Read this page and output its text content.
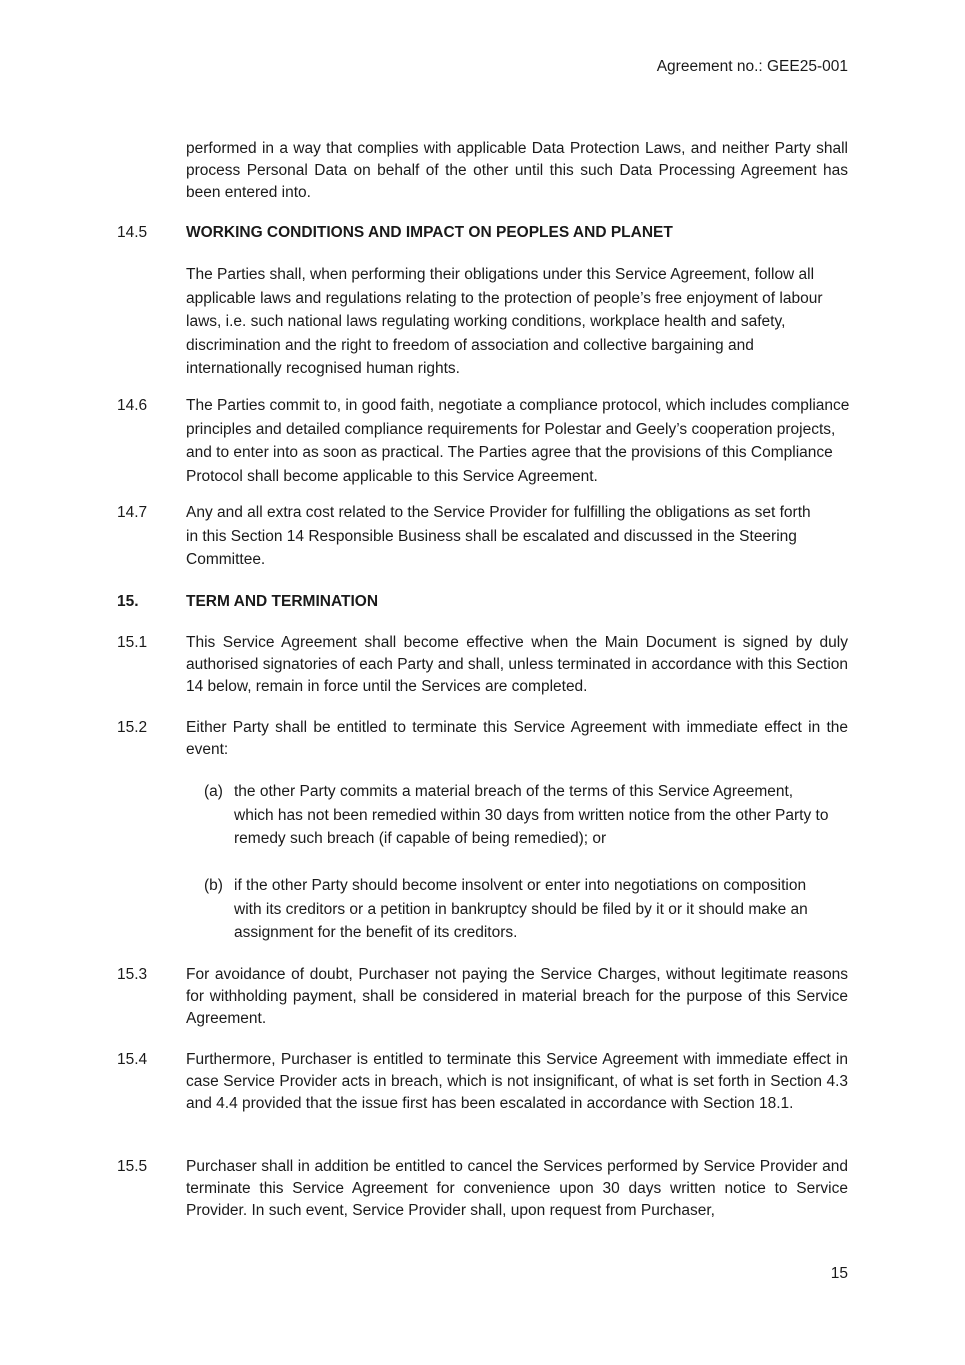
Agreement no.: GEE25-001

performed in a way that complies with applicable Data Protection Laws, and neither Party shall process Personal Data on behalf of the other until this such Data Processing Agreement has been entered into.

14.5	WORKING CONDITIONS AND IMPACT ON PEOPLES AND PLANET

The Parties shall, when performing their obligations under this Service Agreement, follow all applicable laws and regulations relating to the protection of people’s free enjoyment of labour laws, i.e. such national laws regulating working conditions, workplace health and safety, discrimination and the right to freedom of association and collective bargaining and internationally recognised human rights.

14.6	The Parties commit to, in good faith, negotiate a compliance protocol, which includes compliance principles and detailed compliance requirements for Polestar and Geely’s cooperation projects, and to enter into as soon as practical. The Parties agree that the provisions of this Compliance Protocol shall become applicable to this Service Agreement.

14.7	Any and all extra cost related to the Service Provider for fulfilling the obligations as set forth in this Section 14 Responsible Business shall be escalated and discussed in the Steering Committee.

15.	TERM AND TERMINATION
15.1	This Service Agreement shall become effective when the Main Document is signed by duly authorised signatories of each Party and shall, unless terminated in accordance with this Section 14 below, remain in force until the Services are completed.

15.2	Either Party shall be entitled to terminate this Service Agreement with immediate effect in the event:

(a) the other Party commits a material breach of the terms of this Service Agreement, which has not been remedied within 30 days from written notice from the other Party to remedy such breach (if capable of being remedied); or

(b) if the other Party should become insolvent or enter into negotiations on composition with its creditors or a petition in bankruptcy should be filed by it or it should make an assignment for the benefit of its creditors.

15.3	For avoidance of doubt, Purchaser not paying the Service Charges, without legitimate reasons for withholding payment, shall be considered in material breach for the purpose of this Service Agreement.

15.4	Furthermore, Purchaser is entitled to terminate this Service Agreement with immediate effect in case Service Provider acts in breach, which is not insignificant, of what is set forth in Section 4.3 and 4.4 provided that the issue first has been escalated in accordance with Section 18.1.

15.5	Purchaser shall in addition be entitled to cancel the Services performed by Service Provider and terminate this Service Agreement for convenience upon 30 days written notice to Service Provider. In such event, Service Provider shall, upon request from Purchaser,

15
